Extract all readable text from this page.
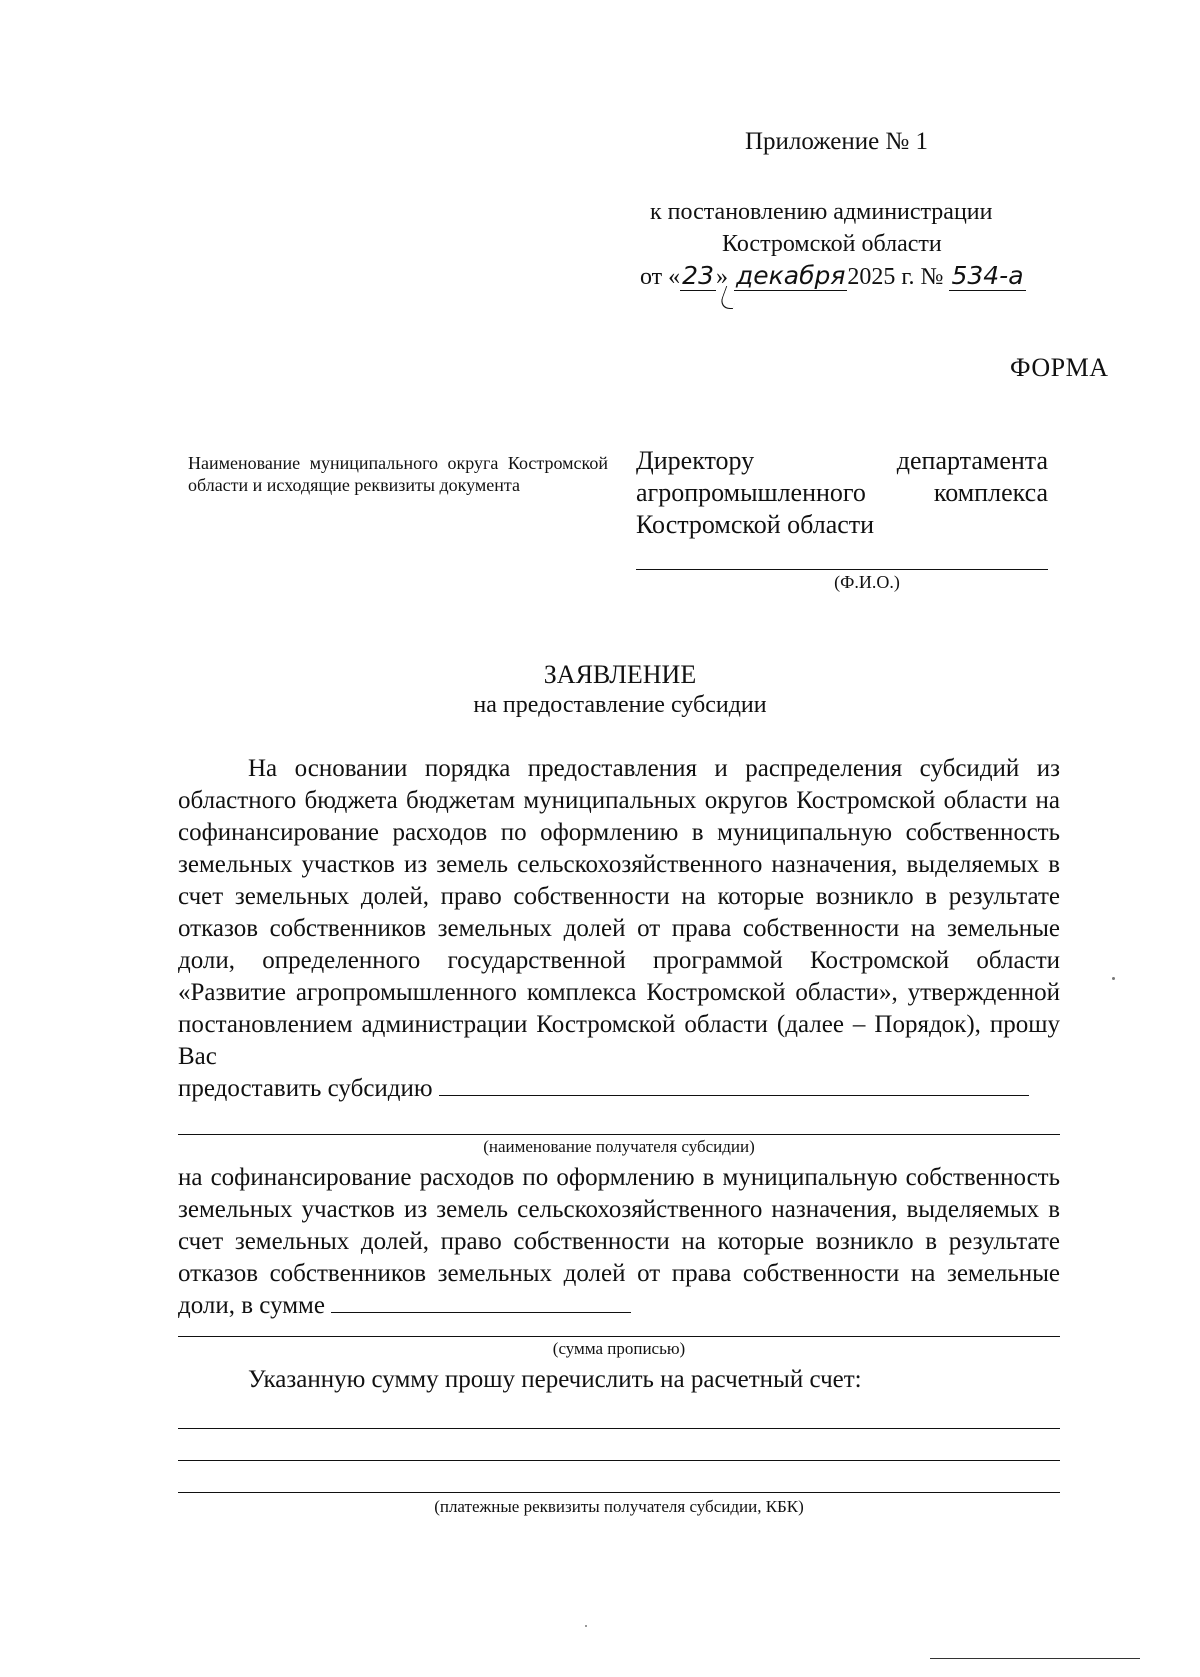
Приложение № 1
к постановлению администрации
Костромской области
от «23» декабря2025 г. № 534-а
ФОРМА
Наименование муниципального округа Костромской области и исходящие реквизиты документа
Директору департамента агропромышленного комплекса Костромской области
(Ф.И.О.)
ЗАЯВЛЕНИЕ
на предоставление субсидии
На основании порядка предоставления и распределения субсидий из областного бюджета бюджетам муниципальных округов Костромской области на софинансирование расходов по оформлению в муниципальную собственность земельных участков из земель сельскохозяйственного назначения, выделяемых в счет земельных долей, право собственности на которые возникло в результате отказов собственников земельных долей от права собственности на земельные доли, определенного государственной программой Костромской области «Развитие агропромышленного комплекса Костромской области», утвержденной постановлением администрации Костромской области (далее – Порядок), прошу Вас
предоставить субсидию
(наименование получателя субсидии)
на софинансирование расходов по оформлению в муниципальную собственность земельных участков из земель сельскохозяйственного назначения, выделяемых в счет земельных долей, право собственности на которые возникло в результате отказов собственников земельных долей от права собственности на земельные доли, в сумме
(сумма прописью)
Указанную сумму прошу перечислить на расчетный счет:
(платежные реквизиты получателя субсидии, КБК)
